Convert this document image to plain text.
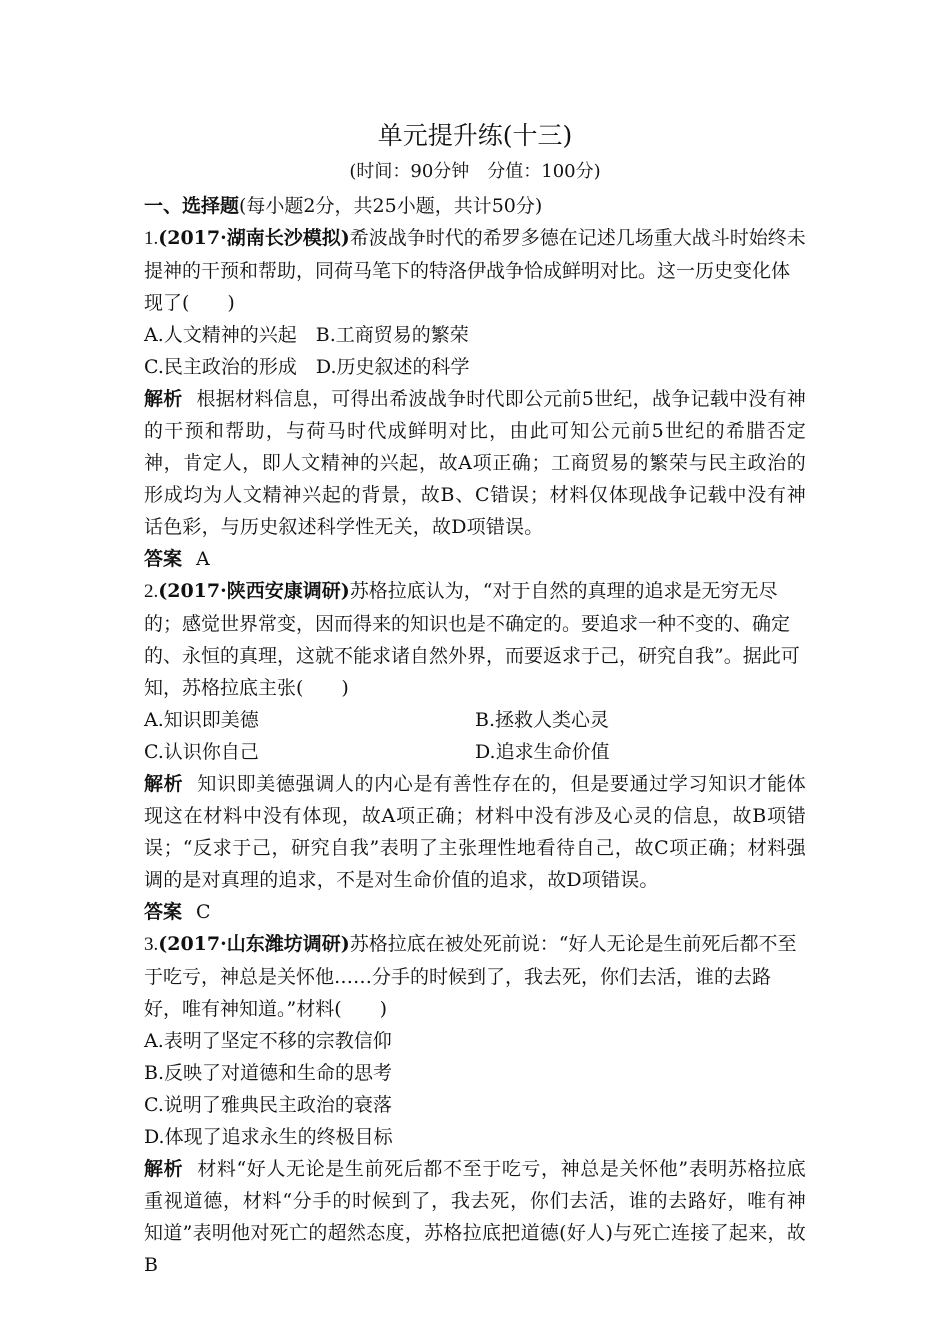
单元提升练(十三)

(时间：90分钟　分值：100分)

一、选择题(每小题2分，共25小题，共计50分)

1.(2017·湖南长沙模拟)希波战争时代的希罗多德在记述几场重大战斗时始终未提神的干预和帮助，同荷马笔下的特洛伊战争恰成鲜明对比。这一历史变化体现了(　　)

A.人文精神的兴起　B.工商贸易的繁荣

C.民主政治的形成　D.历史叙述的科学

解析 根据材料信息，可得出希波战争时代即公元前5世纪，战争记载中没有神的干预和帮助，与荷马时代成鲜明对比，由此可知公元前5世纪的希腊否定神，肯定人，即人文精神的兴起，故A项正确；工商贸易的繁荣与民主政治的形成均为人文精神兴起的背景，故B、C错误；材料仅体现战争记载中没有神话色彩，与历史叙述科学性无关，故D项错误。

答案 A

2.(2017·陕西安康调研)苏格拉底认为，“对于自然的真理的追求是无穷无尽的；感觉世界常变，因而得来的知识也是不确定的。要追求一种不变的、确定的、永恒的真理，这就不能求诸自然外界，而要返求于己，研究自我”。据此可知，苏格拉底主张(　　)

A.知识即美德	B.拯救人类心灵

C.认识你自己	D.追求生命价值

解析 知识即美德强调人的内心是有善性存在的，但是要通过学习知识才能体现这在材料中没有体现，故A项正确；材料中没有涉及心灵的信息，故B项错误；“反求于己，研究自我”表明了主张理性地看待自己，故C项正确；材料强调的是对真理的追求，不是对生命价值的追求，故D项错误。

答案 C

3.(2017·山东潍坊调研)苏格拉底在被处死前说：“好人无论是生前死后都不至于吃亏，神总是关怀他……分手的时候到了，我去死，你们去活，谁的去路好，唯有神知道。”材料(　　)

A.表明了坚定不移的宗教信仰

B.反映了对道德和生命的思考

C.说明了雅典民主政治的衰落

D.体现了追求永生的终极目标

解析 材料“好人无论是生前死后都不至于吃亏，神总是关怀他”表明苏格拉底重视道德，材料“分手的时候到了，我去死，你们去活，谁的去路好，唯有神知道”表明他对死亡的超然态度，苏格拉底把道德(好人)与死亡连接了起来，故B
